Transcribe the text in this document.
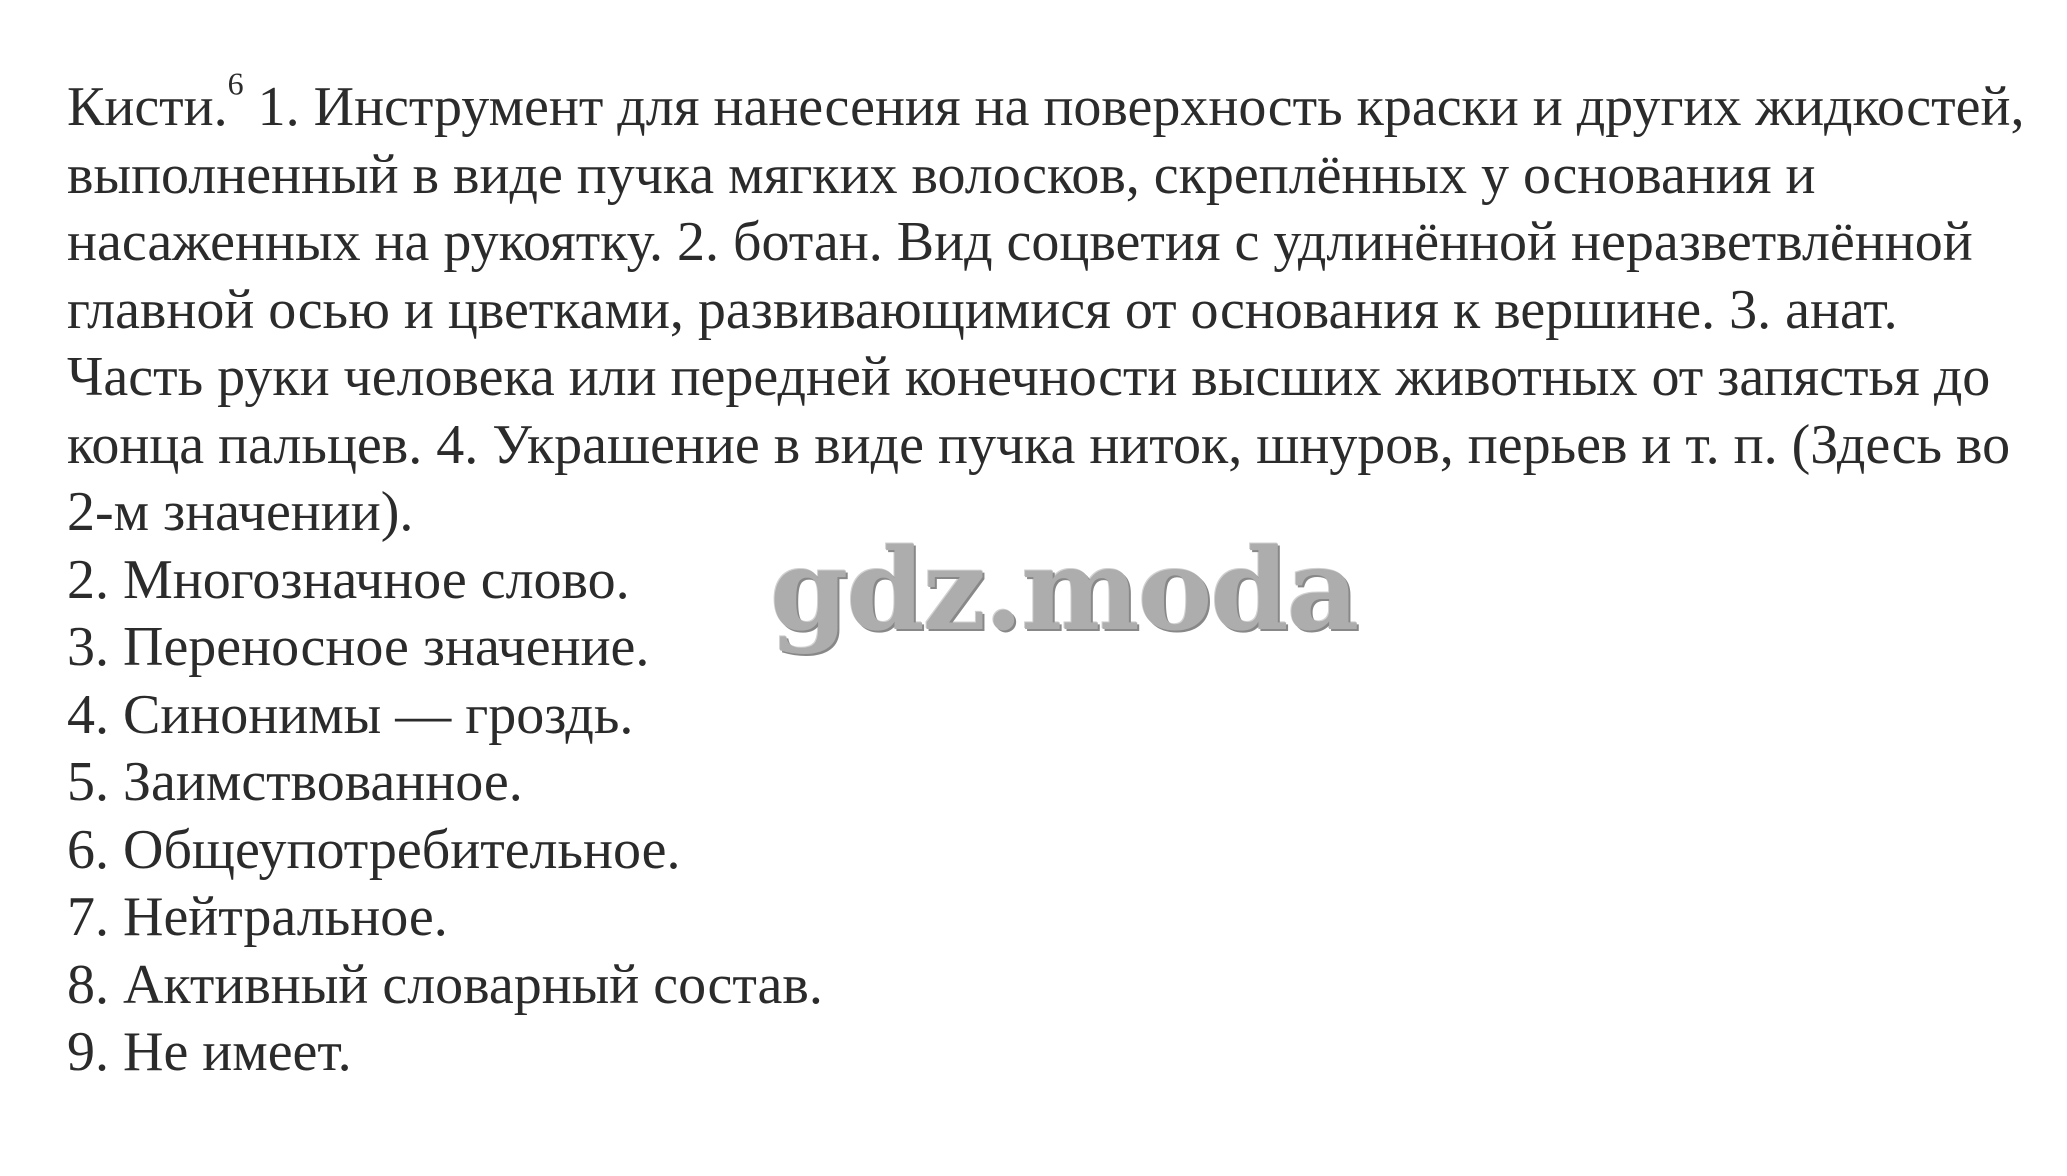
Кисти.$^6$ 1. Инструмент для нанесения на поверхность краски и других жидкостей, выполненный в виде пучка мягких волосков, скреплённых у основания и насаженных на рукоятку. 2. ботан. Вид соцветия с удлинённой неразветвлённой главной осью и цветками, развивающимися от основания к вершине. 3. анат. Часть руки человека или передней конечности высших животных от запястья до конца пальцев. 4. Украшение в виде пучка ниток, шнуров, перьев и т. п. (Здесь во 2-м значении).

2. Многозначное слово.
3. Переносное значение.
4. Синонимы — гроздь.
5. Заимствованное.
6. Общеупотребительное.
7. Нейтральное.
8. Активный словарный состав.
9. Не имеет.
gdz.moda
